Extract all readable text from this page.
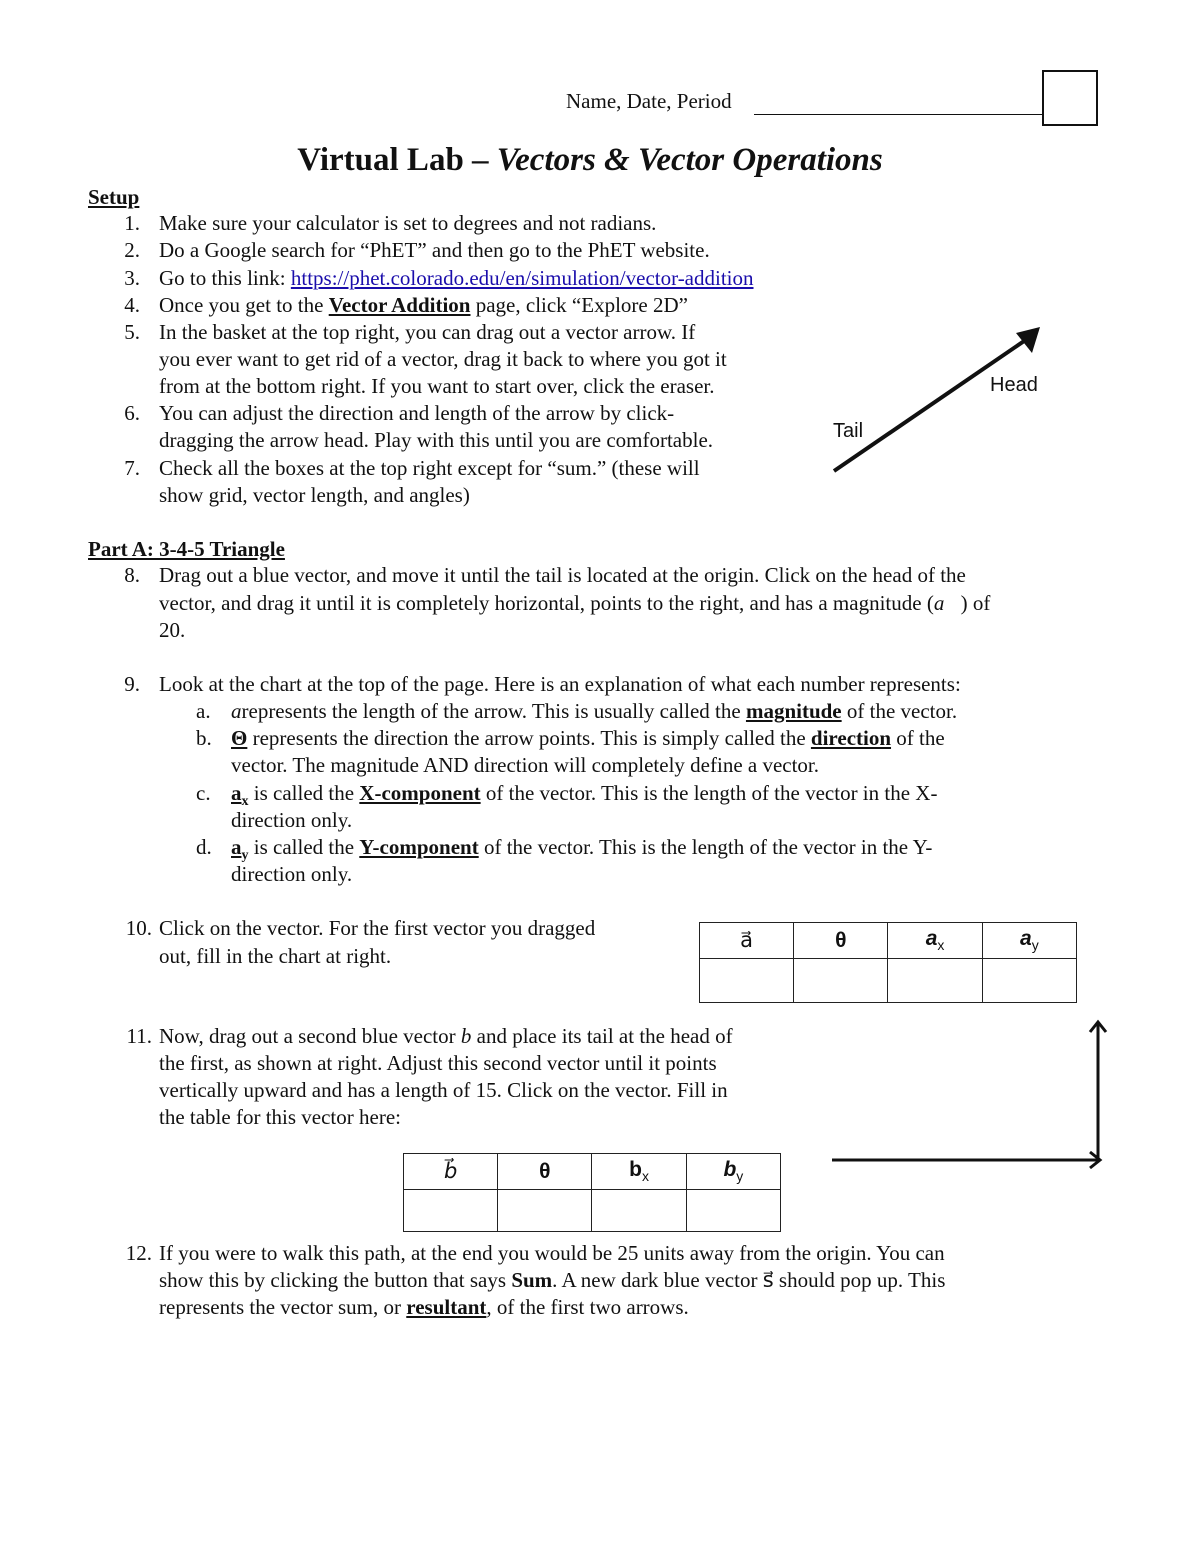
Name, Date, Period
Virtual Lab – Vectors & Vector Operations
Setup
1. Make sure your calculator is set to degrees and not radians.
2. Do a Google search for “PhET” and then go to the PhET website.
3. Go to this link: https://phet.colorado.edu/en/simulation/vector-addition
4. Once you get to the Vector Addition page, click “Explore 2D”
5. In the basket at the top right, you can drag out a vector arrow. If
you ever want to get rid of a vector, drag it back to where you got it
from at the bottom right. If you want to start over, click the eraser.
6. You can adjust the direction and length of the arrow by click-
dragging the arrow head. Play with this until you are comfortable.
7. Check all the boxes at the top right except for “sum.” (these will
show grid, vector length, and angles)
Head
Tail
Part A: 3-4-5 Triangle
8. Drag out a blue vector, and move it until the tail is located at the origin. Click on the head of the
vector, and drag it until it is completely horizontal, points to the right, and has a magnitude (a⃗) of
20.
9. Look at the chart at the top of the page. Here is an explanation of what each number represents:
a. arepresents the length of the arrow. This is usually called the magnitude of the vector.
b. Θ represents the direction the arrow points. This is simply called the direction of the
vector. The magnitude AND direction will completely define a vector.
c. $a_x$ is called the X-component of the vector. This is the length of the vector in the X-
direction only.
d. $a_y$ is called the Y-component of the vector. This is the length of the vector in the Y-
direction only.
10. Click on the vector. For the first vector you dragged
out, fill in the chart at right.
a⃗	θ	$a_x$	$a_y$

11. Now, drag out a second blue vector b and place its tail at the head of
the first, as shown at right. Adjust this second vector until it points
vertically upward and has a length of 15. Click on the vector. Fill in
the table for this vector here:
b⃗	θ	$b_x$	$b_y$

12. If you were to walk this path, at the end you would be 25 units away from the origin. You can
show this by clicking the button that says Sum. A new dark blue vector s⃗ should pop up. This
represents the vector sum, or resultant, of the first two arrows.
